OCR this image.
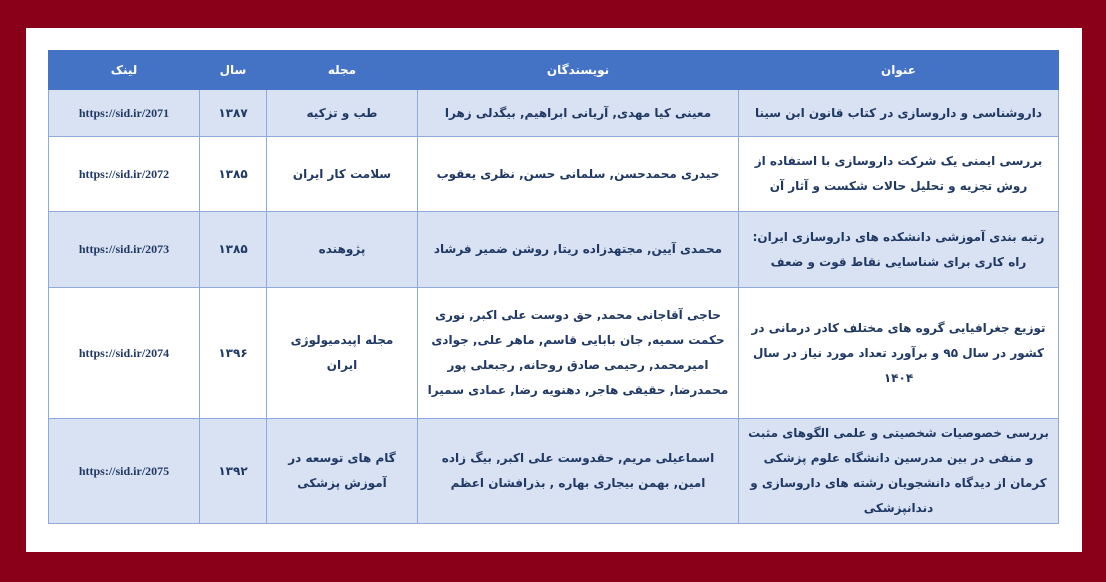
عنوان	نویسندگان	مجله	سال	لینک
داروشناسی و داروسازی در کتاب قانون ابن سینا	معینی کیا مهدی, آریانی ابراهیم, بیگدلی زهرا	طب و تزکیه	۱۳۸۷	https://sid.ir/2071
بررسی ایمنی یک شرکت داروسازی با استفاده از روش تجزیه و تحلیل حالات شکست و آثار آن	حیدری محمدحسن, سلمانی حسن, نظری یعقوب	سلامت کار ایران	۱۳۸۵	https://sid.ir/2072
رتبه بندی آموزشی دانشکده های داروسازی ایران: راه کاری برای شناسایی نقاط قوت و ضعف	محمدی آیین, مجتهدزاده ریتا, روشن ضمیر فرشاد	پژوهنده	۱۳۸۵	https://sid.ir/2073
توزیع جغرافیایی گروه های مختلف کادر درمانی در کشور در سال ۹۵ و برآورد تعداد مورد نیاز در سال ۱۴۰۴	حاجی آقاجانی محمد, حق دوست علی اکبر, نوری حکمت سمیه, جان بابایی قاسم, ماهر علی, جوادی امیرمحمد, رحیمی صادق روحانه, رجبعلی پور محمدرضا, حقیقی هاجر, دهنویه رضا, عمادی سمیرا	مجله اپیدمیولوژی ایران	۱۳۹۶	https://sid.ir/2074
بررسی خصوصیات شخصیتی و علمی الگوهای مثبت و منفی در بین مدرسین دانشگاه علوم پزشکی کرمان از دیدگاه دانشجویان رشته های داروسازی و دندانپزشکی	اسماعیلی مریم, حقدوست علی اکبر, بیگ زاده امین, بهمن بیجاری بهاره , بذرافشان اعظم	گام های توسعه در آموزش پزشکی	۱۳۹۲	https://sid.ir/2075
